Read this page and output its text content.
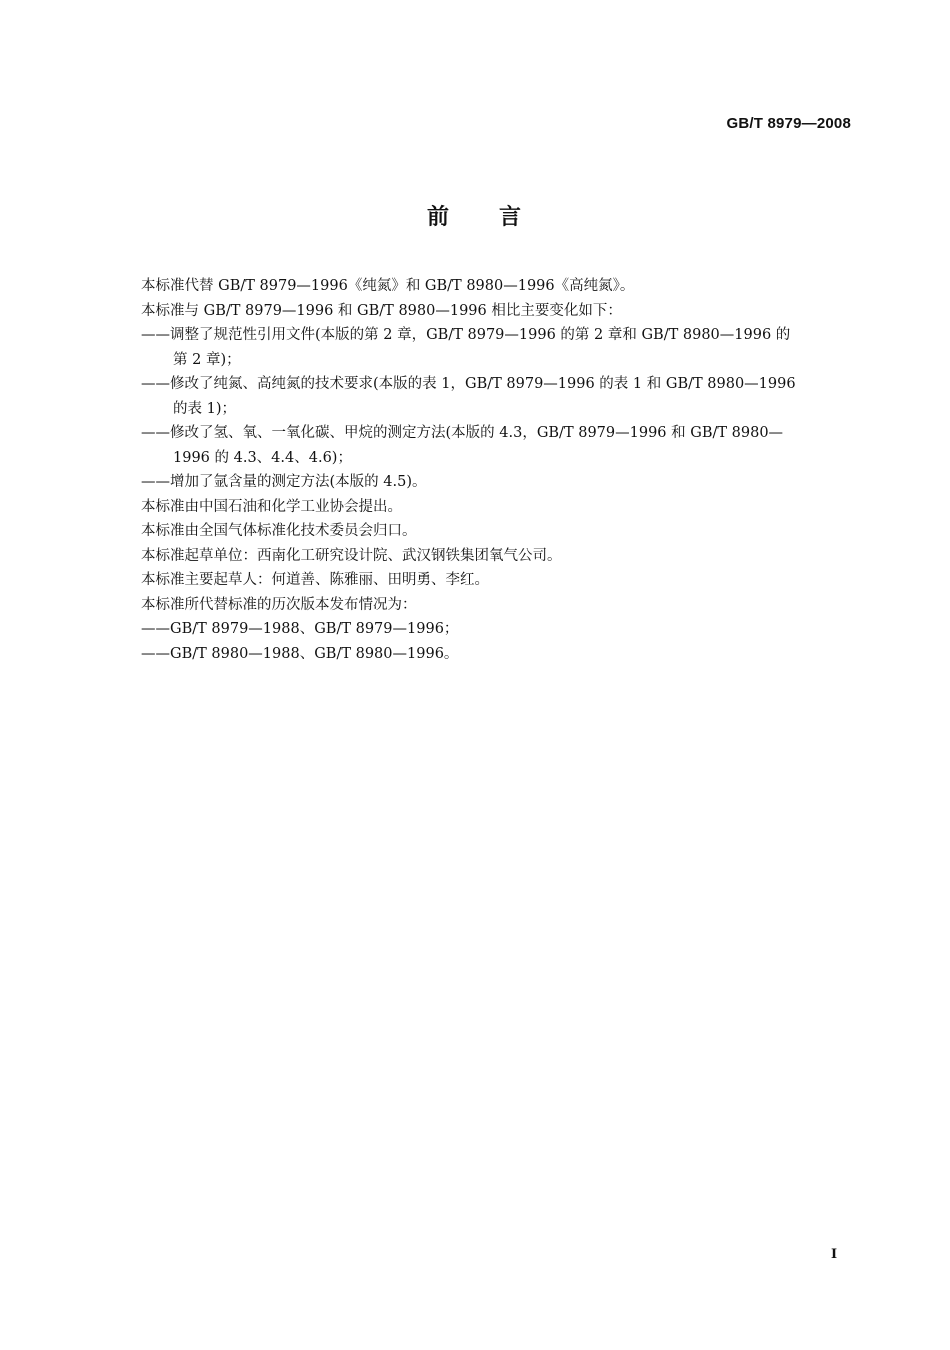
GB/T 8979—2008
前　　言

本标准代替 GB/T 8979—1996《纯氮》和 GB/T 8980—1996《高纯氮》。

本标准与 GB/T 8979—1996 和 GB/T 8980—1996 相比主要变化如下：

——调整了规范性引用文件(本版的第 2 章，GB/T 8979—1996 的第 2 章和 GB/T 8980—1996 的
第 2 章)；
——修改了纯氮、高纯氮的技术要求(本版的表 1，GB/T 8979—1996 的表 1 和 GB/T 8980—1996
的表 1)；
——修改了氢、氧、一氧化碳、甲烷的测定方法(本版的 4.3，GB/T 8979—1996 和 GB/T 8980—
1996 的 4.3、4.4、4.6)；

——增加了氩含量的测定方法(本版的 4.5)。

本标准由中国石油和化学工业协会提出。

本标准由全国气体标准化技术委员会归口。

本标准起草单位：西南化工研究设计院、武汉钢铁集团氧气公司。

本标准主要起草人：何道善、陈雅丽、田明勇、李红。

本标准所代替标准的历次版本发布情况为：

——GB/T 8979—1988、GB/T 8979—1996；

——GB/T 8980—1988、GB/T 8980—1996。

I
